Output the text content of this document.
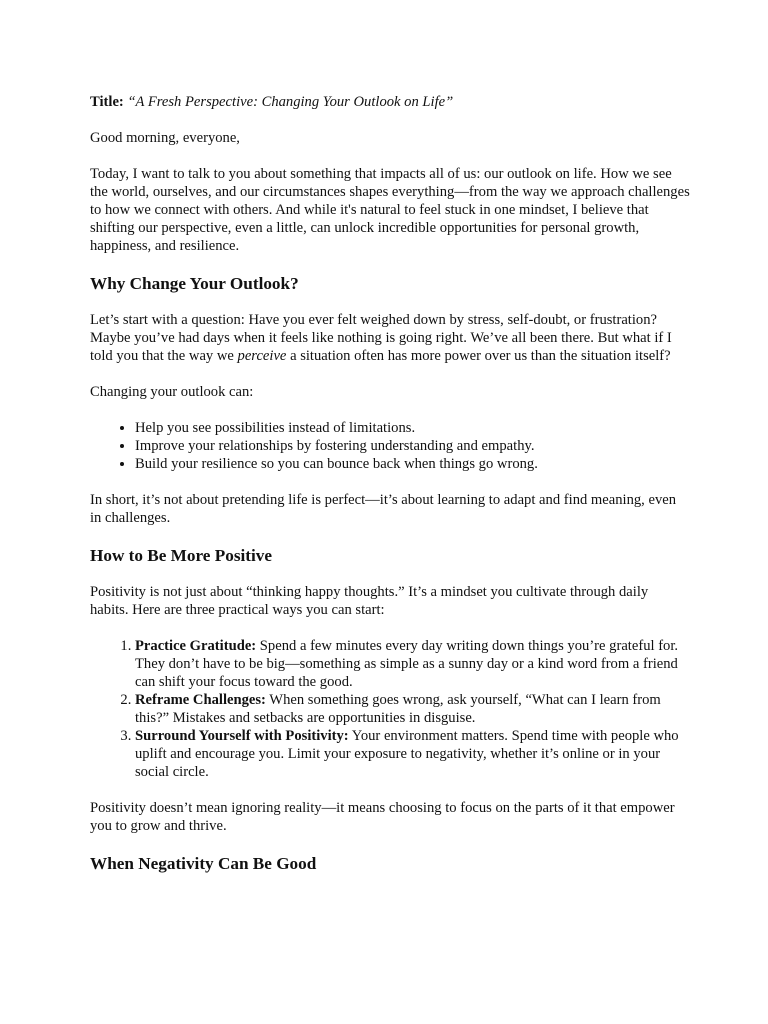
Title: “A Fresh Perspective: Changing Your Outlook on Life”

Good morning, everyone,

Today, I want to talk to you about something that impacts all of us: our outlook on life. How we see the world, ourselves, and our circumstances shapes everything—from the way we approach challenges to how we connect with others. And while it's natural to feel stuck in one mindset, I believe that shifting our perspective, even a little, can unlock incredible opportunities for personal growth, happiness, and resilience.

Why Change Your Outlook?

Let’s start with a question: Have you ever felt weighed down by stress, self-doubt, or frustration? Maybe you’ve had days when it feels like nothing is going right. We’ve all been there. But what if I told you that the way we perceive a situation often has more power over us than the situation itself?

Changing your outlook can:

• Help you see possibilities instead of limitations.
• Improve your relationships by fostering understanding and empathy.
• Build your resilience so you can bounce back when things go wrong.

In short, it’s not about pretending life is perfect—it’s about learning to adapt and find meaning, even in challenges.

How to Be More Positive

Positivity is not just about “thinking happy thoughts.” It’s a mindset you cultivate through daily habits. Here are three practical ways you can start:

1. Practice Gratitude: Spend a few minutes every day writing down things you’re grateful for. They don’t have to be big—something as simple as a sunny day or a kind word from a friend can shift your focus toward the good.
2. Reframe Challenges: When something goes wrong, ask yourself, “What can I learn from this?” Mistakes and setbacks are opportunities in disguise.
3. Surround Yourself with Positivity: Your environment matters. Spend time with people who uplift and encourage you. Limit your exposure to negativity, whether it’s online or in your social circle.

Positivity doesn’t mean ignoring reality—it means choosing to focus on the parts of it that empower you to grow and thrive.

When Negativity Can Be Good
